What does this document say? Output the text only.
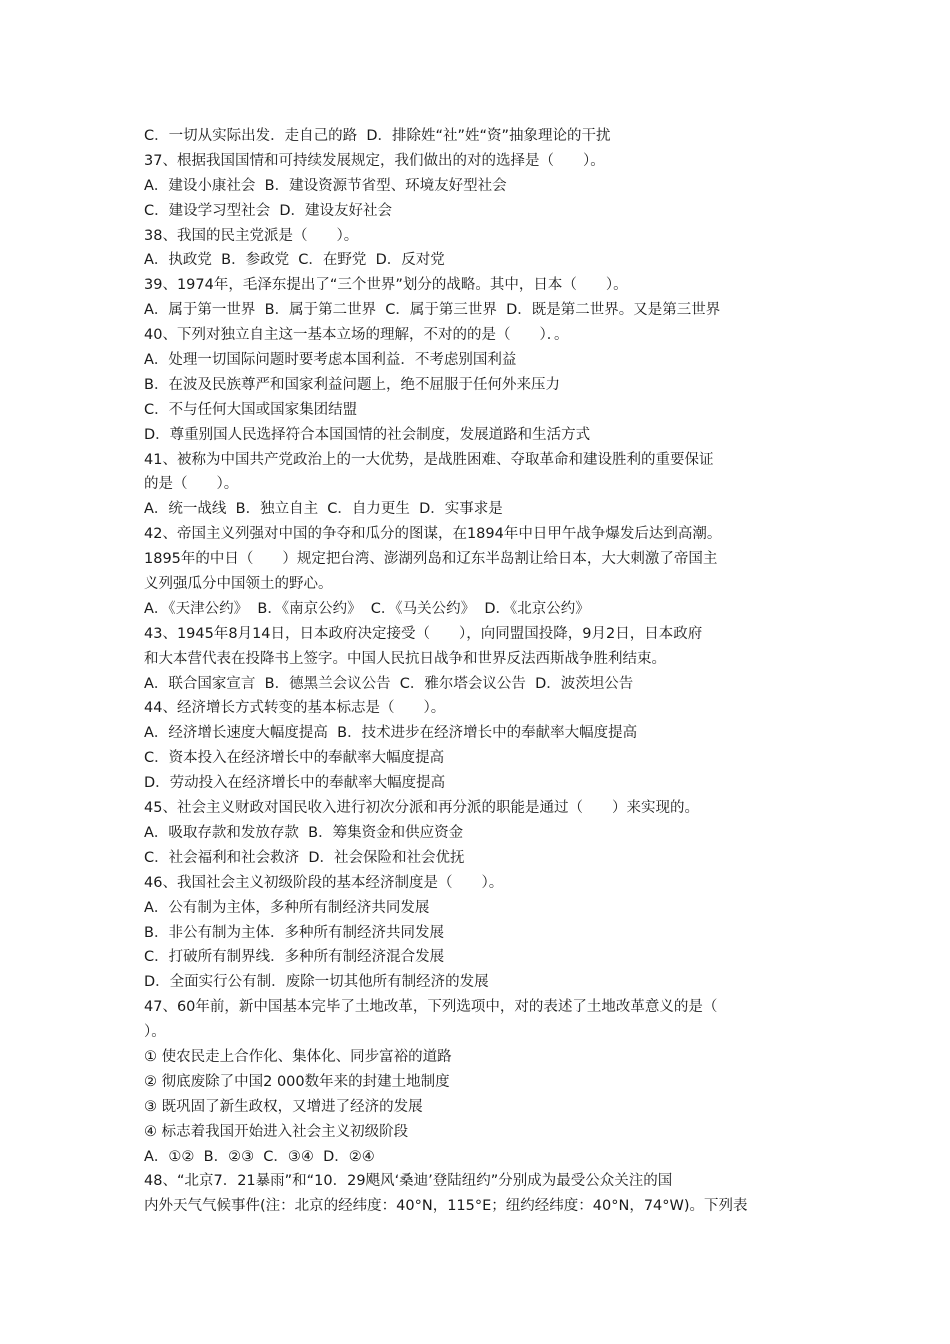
C．一切从实际出发．走自己的路  D．排除姓“社”姓“资”抽象理论的干扰
37、根据我国国情和可持续发展规定，我们做出的对的选择是（　　）。
A．建设小康社会  B．建设资源节省型、环境友好型社会
C．建设学习型社会  D．建设友好社会
38、我国的民主党派是（　　）。
A．执政党  B．参政党  C．在野党  D．反对党
39、1974年，毛泽东提出了“三个世界”划分的战略。其中，日本（　　）。
A．属于第一世界  B．属于第二世界  C．属于第三世界  D．既是第二世界。又是第三世界
40、下列对独立自主这一基本立场的理解，不对的的是（　　）．。
A．处理一切国际问题时要考虑本国利益．不考虑别国利益
B．在波及民族尊严和国家利益问题上，绝不屈服于任何外来压力
C．不与任何大国或国家集团结盟
D．尊重别国人民选择符合本国国情的社会制度，发展道路和生活方式
41、被称为中国共产党政治上的一大优势，是战胜困难、夺取革命和建设胜利的重要保证
的是（　　）。
A．统一战线  B．独立自主  C．自力更生  D．实事求是
42、帝国主义列强对中国的争夺和瓜分的图谋，在1894年中日甲午战争爆发后达到高潮。
1895年的中日（　　）规定把台湾、澎湖列岛和辽东半岛割让给日本，大大刺激了帝国主
义列强瓜分中国领土的野心。
A．《天津公约》  B．《南京公约》  C．《马关公约》  D．《北京公约》
43、1945年8月14日，日本政府决定接受（　　），向同盟国投降，9月2日，日本政府
和大本营代表在投降书上签字。中国人民抗日战争和世界反法西斯战争胜利结束。
A．联合国家宣言  B．德黑兰会议公告  C．雅尔塔会议公告  D．波茨坦公告
44、经济增长方式转变的基本标志是（　　）。
A．经济增长速度大幅度提高  B．技术进步在经济增长中的奉献率大幅度提高
C．资本投入在经济增长中的奉献率大幅度提高
D．劳动投入在经济增长中的奉献率大幅度提高
45、社会主义财政对国民收入进行初次分派和再分派的职能是通过（　　）来实现的。
A．吸取存款和发放存款  B．筹集资金和供应资金
C．社会福利和社会救济  D．社会保险和社会优抚
46、我国社会主义初级阶段的基本经济制度是（　　）。
A．公有制为主体，多种所有制经济共同发展
B．非公有制为主体．多种所有制经济共同发展
C．打破所有制界线．多种所有制经济混合发展
D．全面实行公有制．废除一切其他所有制经济的发展
47、60年前，新中国基本完毕了土地改革，下列选项中，对的表述了土地改革意义的是（
）。
① 使农民走上合作化、集体化、同步富裕的道路
② 彻底废除了中国2 000数年来的封建土地制度
③ 既巩固了新生政权，又增进了经济的发展
④ 标志着我国开始进入社会主义初级阶段
A．①②  B．②③  C．③④  D．②④
48、“北京7．21暴雨”和“10．29飓风‘桑迪’登陆纽约”分别成为最受公众关注的国
内外天气气候事件(注：北京的经纬度：40°N，115°E；纽约经纬度：40°N，74°W)。下列表
